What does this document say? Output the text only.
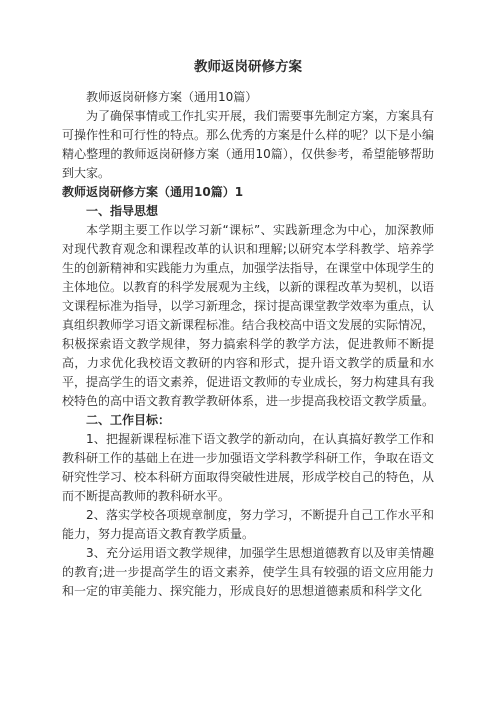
教师返岗研修方案

教师返岗研修方案（通用10篇）

为了确保事情或工作扎实开展，我们需要事先制定方案，方案具有可操作性和可行性的特点。那么优秀的方案是什么样的呢？以下是小编精心整理的教师返岗研修方案（通用10篇），仅供参考，希望能够帮助到大家。

教师返岗研修方案（通用10篇）1

一、指导思想

本学期主要工作以学习新“课标”、实践新理念为中心，加深教师对现代教育观念和课程改革的认识和理解;以研究本学科教学、培养学生的创新精神和实践能力为重点，加强学法指导，在课堂中体现学生的主体地位。以教育的科学发展观为主线，以新的课程改革为契机，以语文课程标准为指导，以学习新理念，探讨提高课堂教学效率为重点，认真组织教师学习语文新课程标准。结合我校高中语文发展的实际情况，积极探索语文教学规律，努力搞索科学的教学方法，促进教师不断提高，力求优化我校语文教研的内容和形式，提升语文教学的质量和水平，提高学生的语文素养，促进语文教师的专业成长，努力构建具有我校特色的高中语文教育教学教研体系，进一步提高我校语文教学质量。

二、工作目标：

1、把握新课程标准下语文教学的新动向，在认真搞好教学工作和教科研工作的基础上在进一步加强语文学科教学科研工作，争取在语文研究性学习、校本科研方面取得突破性进展，形成学校自己的特色，从而不断提高教师的教科研水平。

2、落实学校各项规章制度，努力学习，不断提升自己工作水平和能力，努力提高语文教育教学质量。

3、充分运用语文教学规律，加强学生思想道德教育以及审美情趣的教育;进一步提高学生的语文素养，使学生具有较强的语文应用能力和一定的审美能力、探究能力，形成良好的思想道德素质和科学文化
